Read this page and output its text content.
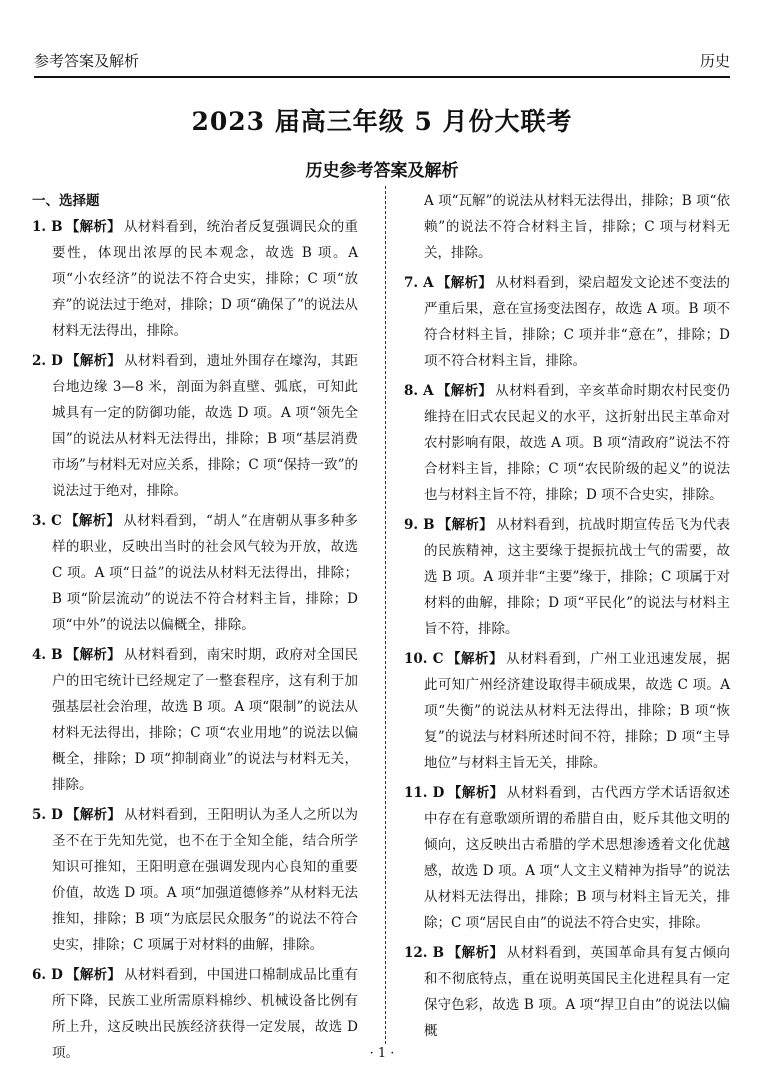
参考答案及解析	历史
2023 届高三年级 5 月份大联考
历史参考答案及解析
一、选择题
1. B 【解析】 从材料看到，统治者反复强调民众的重要性，体现出浓厚的民本观念，故选 B 项。A 项“小农经济”的说法不符合史实，排除；C 项“放弃”的说法过于绝对，排除；D 项“确保了”的说法从材料无法得出，排除。
2. D 【解析】 从材料看到，遗址外围存在壕沟，其距台地边缘 3—8 米，剖面为斜直壁、弧底，可知此城具有一定的防御功能，故选 D 项。A 项“领先全国”的说法从材料无法得出，排除；B 项“基层消费市场”与材料无对应关系，排除；C 项“保持一致”的说法过于绝对，排除。
3. C 【解析】 从材料看到，“胡人”在唐朝从事多种多样的职业，反映出当时的社会风气较为开放，故选 C 项。A 项“日益”的说法从材料无法得出，排除；B 项“阶层流动”的说法不符合材料主旨，排除；D 项“中外”的说法以偏概全，排除。
4. B 【解析】 从材料看到，南宋时期，政府对全国民户的田宅统计已经规定了一整套程序，这有利于加强基层社会治理，故选 B 项。A 项“限制”的说法从材料无法得出，排除；C 项“农业用地”的说法以偏概全，排除；D 项“抑制商业”的说法与材料无关，排除。
5. D 【解析】 从材料看到，王阳明认为圣人之所以为圣不在于先知先觉，也不在于全知全能，结合所学知识可推知，王阳明意在强调发现内心良知的重要价值，故选 D 项。A 项“加强道德修养”从材料无法推知，排除；B 项“为底层民众服务”的说法不符合史实，排除；C 项属于对材料的曲解，排除。
6. D 【解析】 从材料看到，中国进口棉制成品比重有所下降，民族工业所需原料棉纱、机械设备比例有所上升，这反映出民族经济获得一定发展，故选 D 项。
A 项“瓦解”的说法从材料无法得出，排除；B 项“依赖”的说法不符合材料主旨，排除；C 项与材料无关，排除。
7. A 【解析】 从材料看到，梁启超发文论述不变法的严重后果，意在宣扬变法图存，故选 A 项。B 项不符合材料主旨，排除；C 项并非“意在”，排除；D 项不符合材料主旨，排除。
8. A 【解析】 从材料看到，辛亥革命时期农村民变仍维持在旧式农民起义的水平，这折射出民主革命对农村影响有限，故选 A 项。B 项“清政府”说法不符合材料主旨，排除；C 项“农民阶级的起义”的说法也与材料主旨不符，排除；D 项不合史实，排除。
9. B 【解析】 从材料看到，抗战时期宣传岳飞为代表的民族精神，这主要缘于提振抗战士气的需要，故选 B 项。A 项并非“主要”缘于，排除；C 项属于对材料的曲解，排除；D 项“平民化”的说法与材料主旨不符，排除。
10. C 【解析】 从材料看到，广州工业迅速发展，据此可知广州经济建设取得丰硕成果，故选 C 项。A 项“失衡”的说法从材料无法得出，排除；B 项“恢复”的说法与材料所述时间不符，排除；D 项“主导地位”与材料主旨无关，排除。
11. D 【解析】 从材料看到，古代西方学术话语叙述中存在有意歌颂所谓的希腊自由，贬斥其他文明的倾向，这反映出古希腊的学术思想渗透着文化优越感，故选 D 项。A 项“人文主义精神为指导”的说法从材料无法得出，排除；B 项与材料主旨无关，排除；C 项“居民自由”的说法不符合史实，排除。
12. B 【解析】 从材料看到，英国革命具有复古倾向和不彻底特点，重在说明英国民主化进程具有一定保守色彩，故选 B 项。A 项“捍卫自由”的说法以偏概
· 1 ·
